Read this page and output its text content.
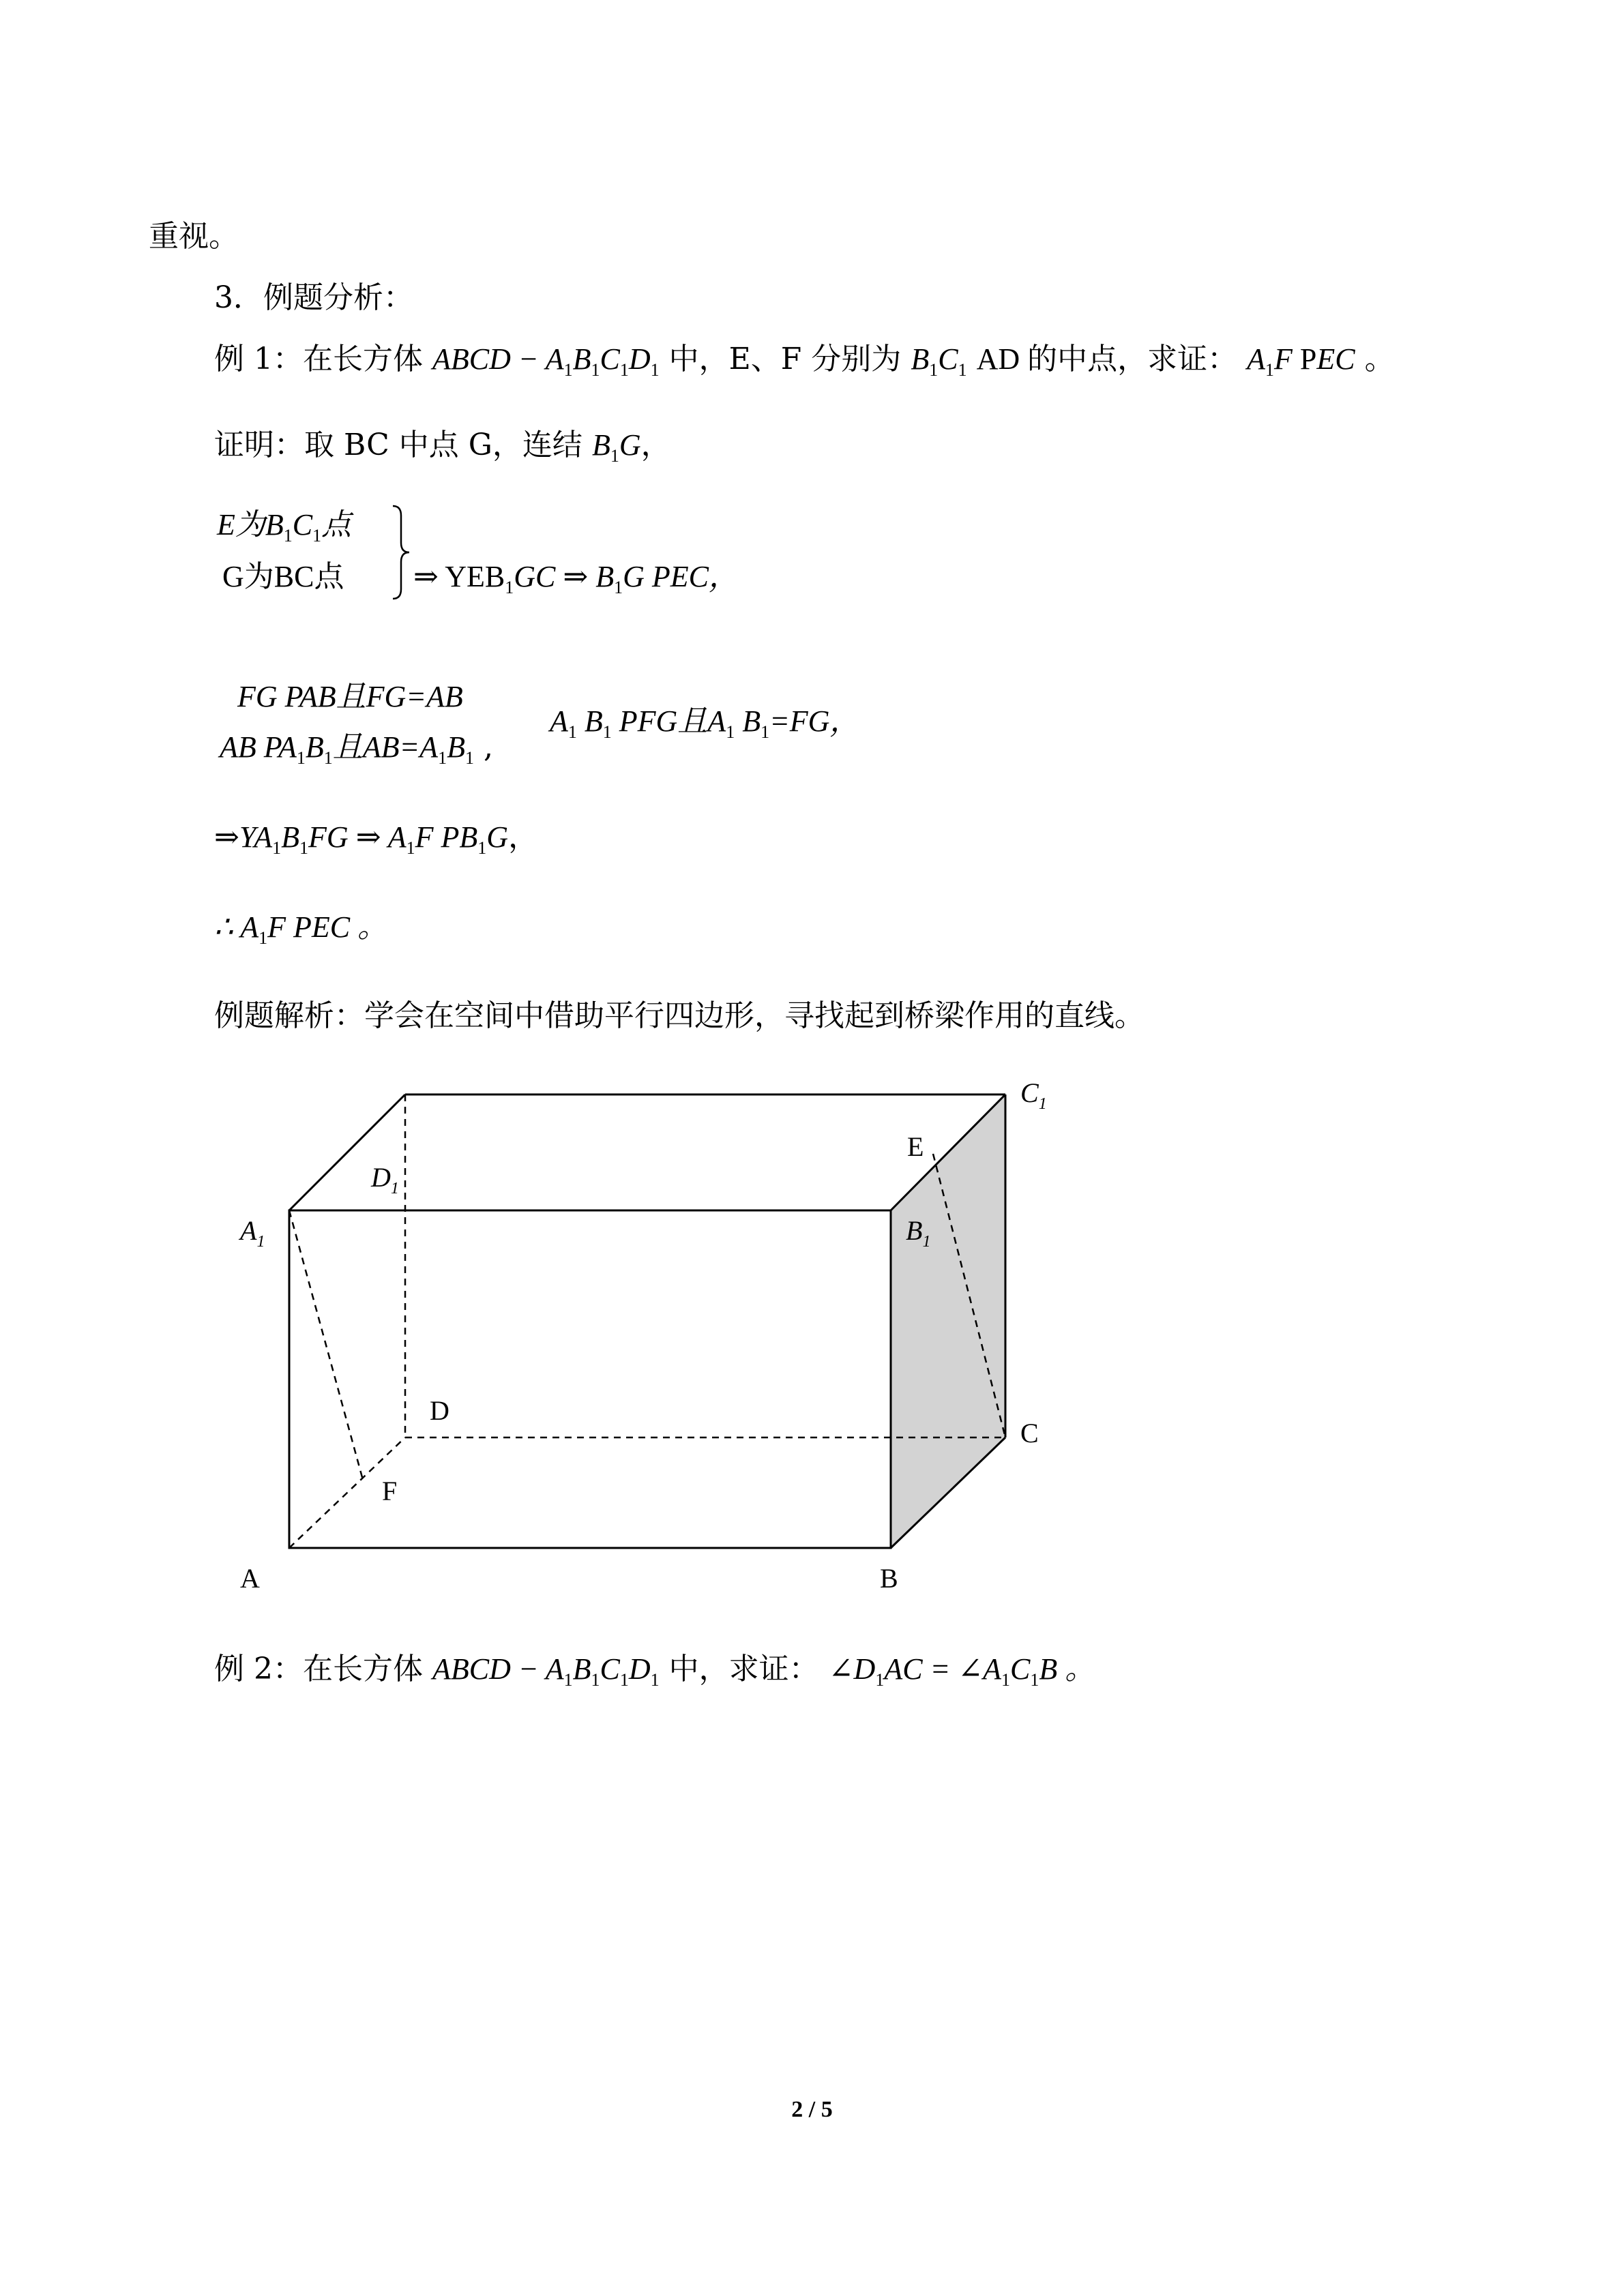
重视。
3．例题分析：
例 1：在长方体 ABCD − $A_1B_1C_1D_1$ 中，E、F 分别为 $B_1C_1$ AD 的中点，求证： $A_1F$ PEC 。
证明：取 BC 中点 G，连结 $B_1G$，
E为$B_1C_1$点
G为BC点 ⇒ $YEB_1GC$ ⇒ $B_1G$ PEC，
FG PAB且FG=AB
AB $PA_1B_1$且$AB=A_1B_1$ ,
$A_1$ $B_1$ PFG且$A_1$ $B_1=FG$，
$\Rightarrow YA_1B_1FG$ ⇒ $A_1F$ $PB_1G$，
∴ $A_1F$ PEC 。
例题解析：学会在空间中借助平行四边形，寻找起到桥梁作用的直线。
$A_1$
$D_1$
$B_1$
$C_1$
E
D
C
F
A	B
例 2：在长方体 ABCD − $A_1B_1C_1D_1$ 中，求证： $\angle D_1AC$ = $\angle A_1C_1B$ 。
2 / 5
